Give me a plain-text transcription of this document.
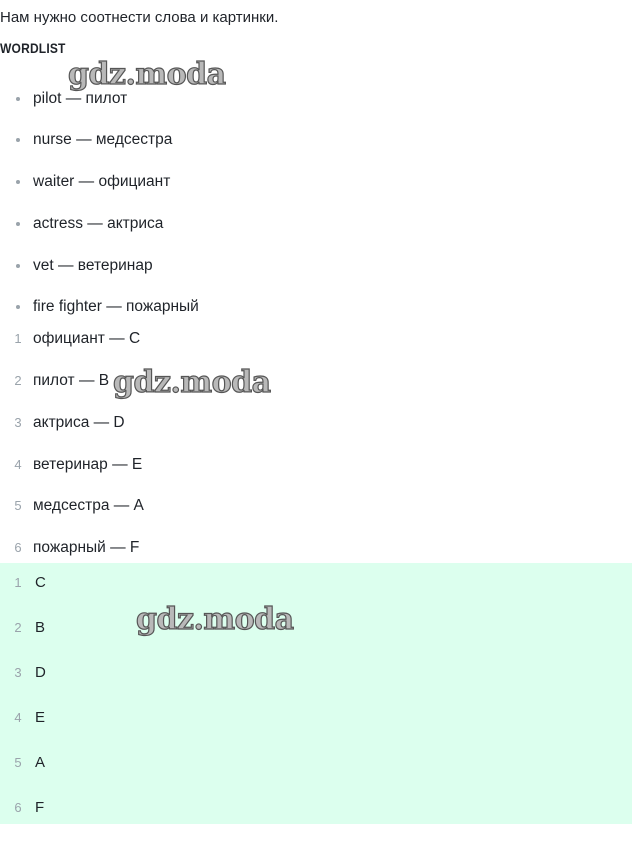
Нам нужно соотнести слова и картинки.
WORDLIST
pilot — пилот
nurse — медсестра
waiter — официант
actress — актриса
vet — ветеринар
fire fighter — пожарный
1 официант — C
2 пилот — B
3 актриса — D
4 ветеринар — E
5 медсестра — A
6 пожарный — F
1 C
2 B
3 D
4 E
5 A
6 F
gdz.moda
gdz.moda
gdz.moda
